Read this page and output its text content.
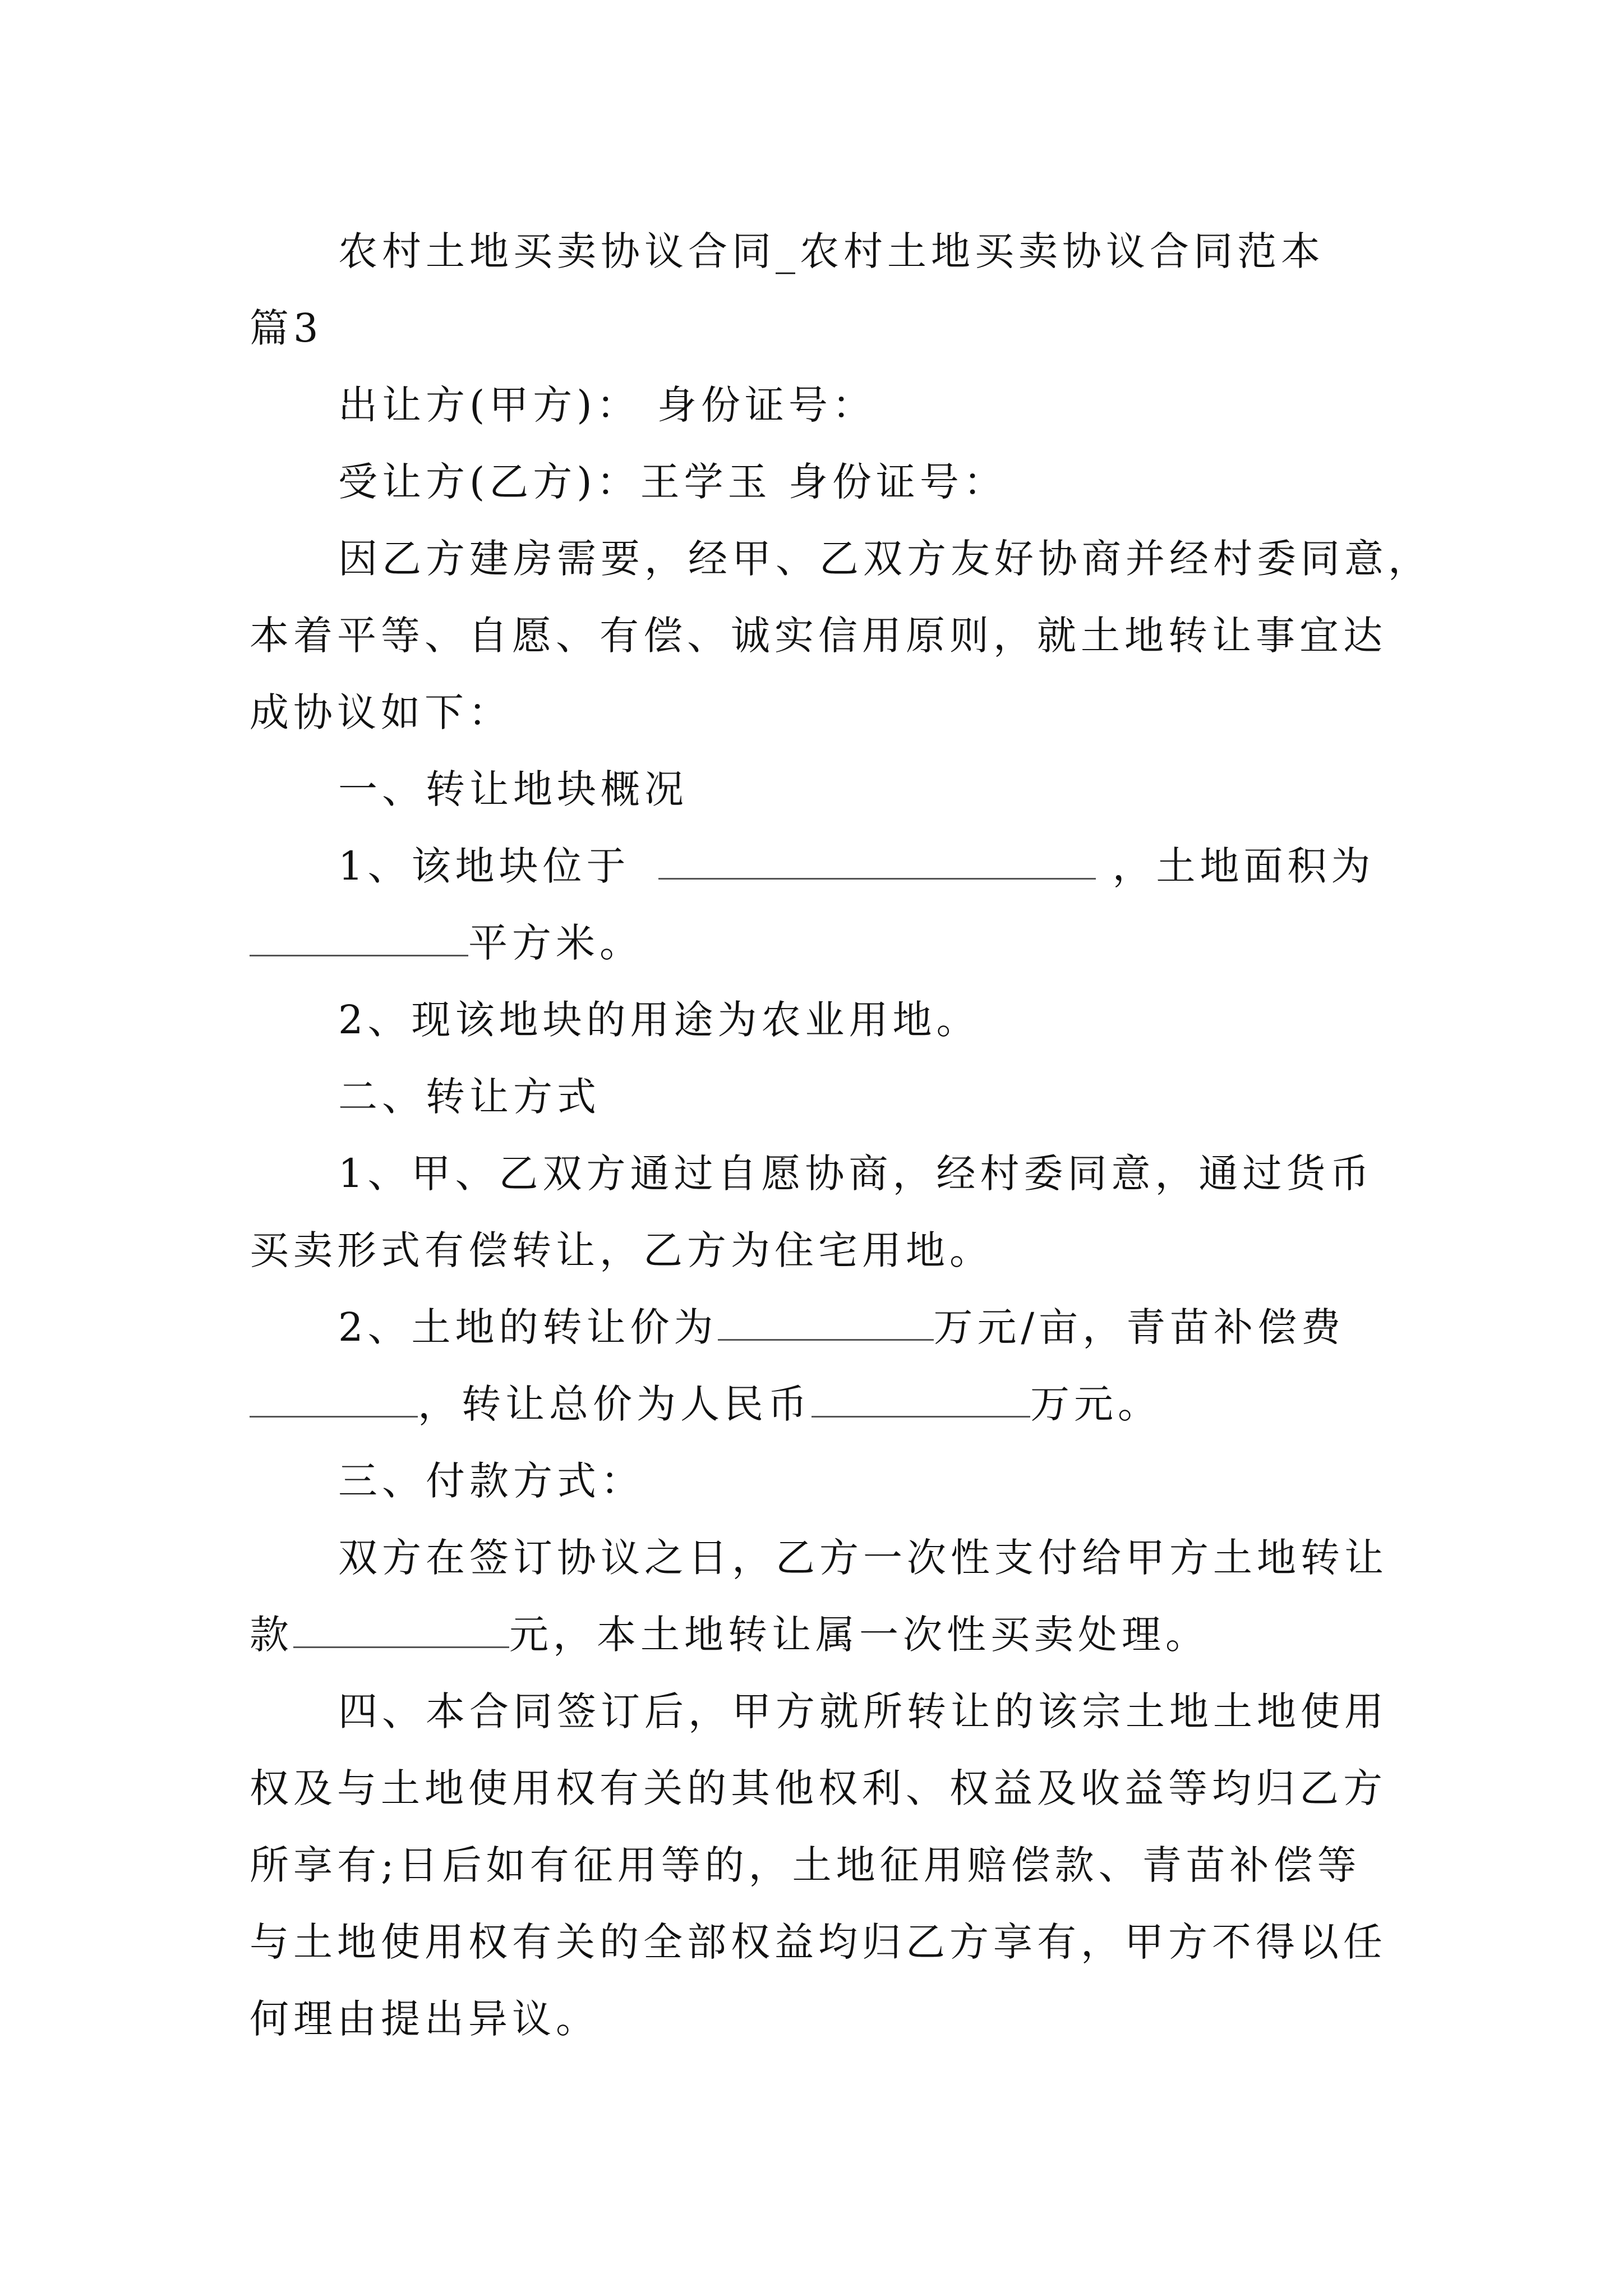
农村土地买卖协议合同_农村土地买卖协议合同范本

篇3

出让方(甲方)： 身份证号：

受让方(乙方)：王学玉 身份证号：

因乙方建房需要，经甲、乙双方友好协商并经村委同意，

本着平等、自愿、有偿、诚实信用原则，就土地转让事宜达

成协议如下：

一、转让地块概况

1、该地块位于	，土地面积为

平方米。

2、现该地块的用途为农业用地。

二、转让方式

1、甲、乙双方通过自愿协商，经村委同意，通过货币

买卖形式有偿转让，乙方为住宅用地。

2、土地的转让价为	万元/亩，青苗补偿费

，转让总价为人民币	万元。

三、付款方式：

双方在签订协议之日，乙方一次性支付给甲方土地转让

款	元，本土地转让属一次性买卖处理。

四、本合同签订后，甲方就所转让的该宗土地土地使用

权及与土地使用权有关的其他权利、权益及收益等均归乙方

所享有;日后如有征用等的，土地征用赔偿款、青苗补偿等

与土地使用权有关的全部权益均归乙方享有，甲方不得以任

何理由提出异议。
